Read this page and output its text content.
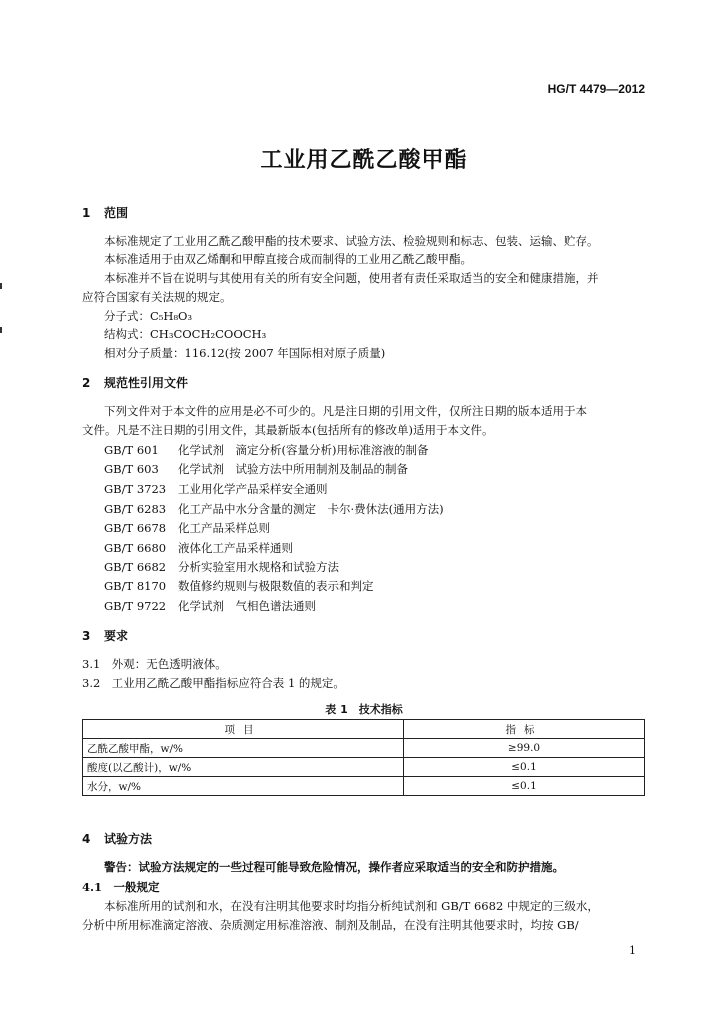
HG/T 4479—2012
工业用乙酰乙酸甲酯
1 范围
本标准规定了工业用乙酰乙酸甲酯的技术要求、试验方法、检验规则和标志、包装、运输、贮存。
本标准适用于由双乙烯酮和甲醇直接合成而制得的工业用乙酰乙酸甲酯。
本标准并不旨在说明与其使用有关的所有安全问题，使用者有责任采取适当的安全和健康措施，并
应符合国家有关法规的规定。
分子式：C₅H₈O₃
结构式：CH₃COCH₂COOCH₃
相对分子质量：116.12(按 2007 年国际相对原子质量)
2 规范性引用文件
下列文件对于本文件的应用是必不可少的。凡是注日期的引用文件，仅所注日期的版本适用于本
文件。凡是不注日期的引用文件，其最新版本(包括所有的修改单)适用于本文件。
GB/T 601 化学试剂　滴定分析(容量分析)用标准溶液的制备
GB/T 603 化学试剂　试验方法中所用制剂及制品的制备
GB/T 3723 工业用化学产品采样安全通则
GB/T 6283 化工产品中水分含量的测定　卡尔·费休法(通用方法)
GB/T 6678 化工产品采样总则
GB/T 6680 液体化工产品采样通则
GB/T 6682 分析实验室用水规格和试验方法
GB/T 8170 数值修约规则与极限数值的表示和判定
GB/T 9722 化学试剂　气相色谱法通则
3 要求
3.1　外观：无色透明液体。
3.2　工业用乙酰乙酸甲酯指标应符合表 1 的规定。
表 1　技术指标
项目	指标
乙酰乙酸甲酯，w/%	≥99.0
酸度(以乙酸计)，w/%	≤0.1
水分，w/%	≤0.1
4 试验方法
警告：试验方法规定的一些过程可能导致危险情况，操作者应采取适当的安全和防护措施。
4.1　一般规定
本标准所用的试剂和水，在没有注明其他要求时均指分析纯试剂和 GB/T 6682 中规定的三级水，
分析中所用标准滴定溶液、杂质测定用标准溶液、制剂及制品，在没有注明其他要求时，均按 GB/
1
